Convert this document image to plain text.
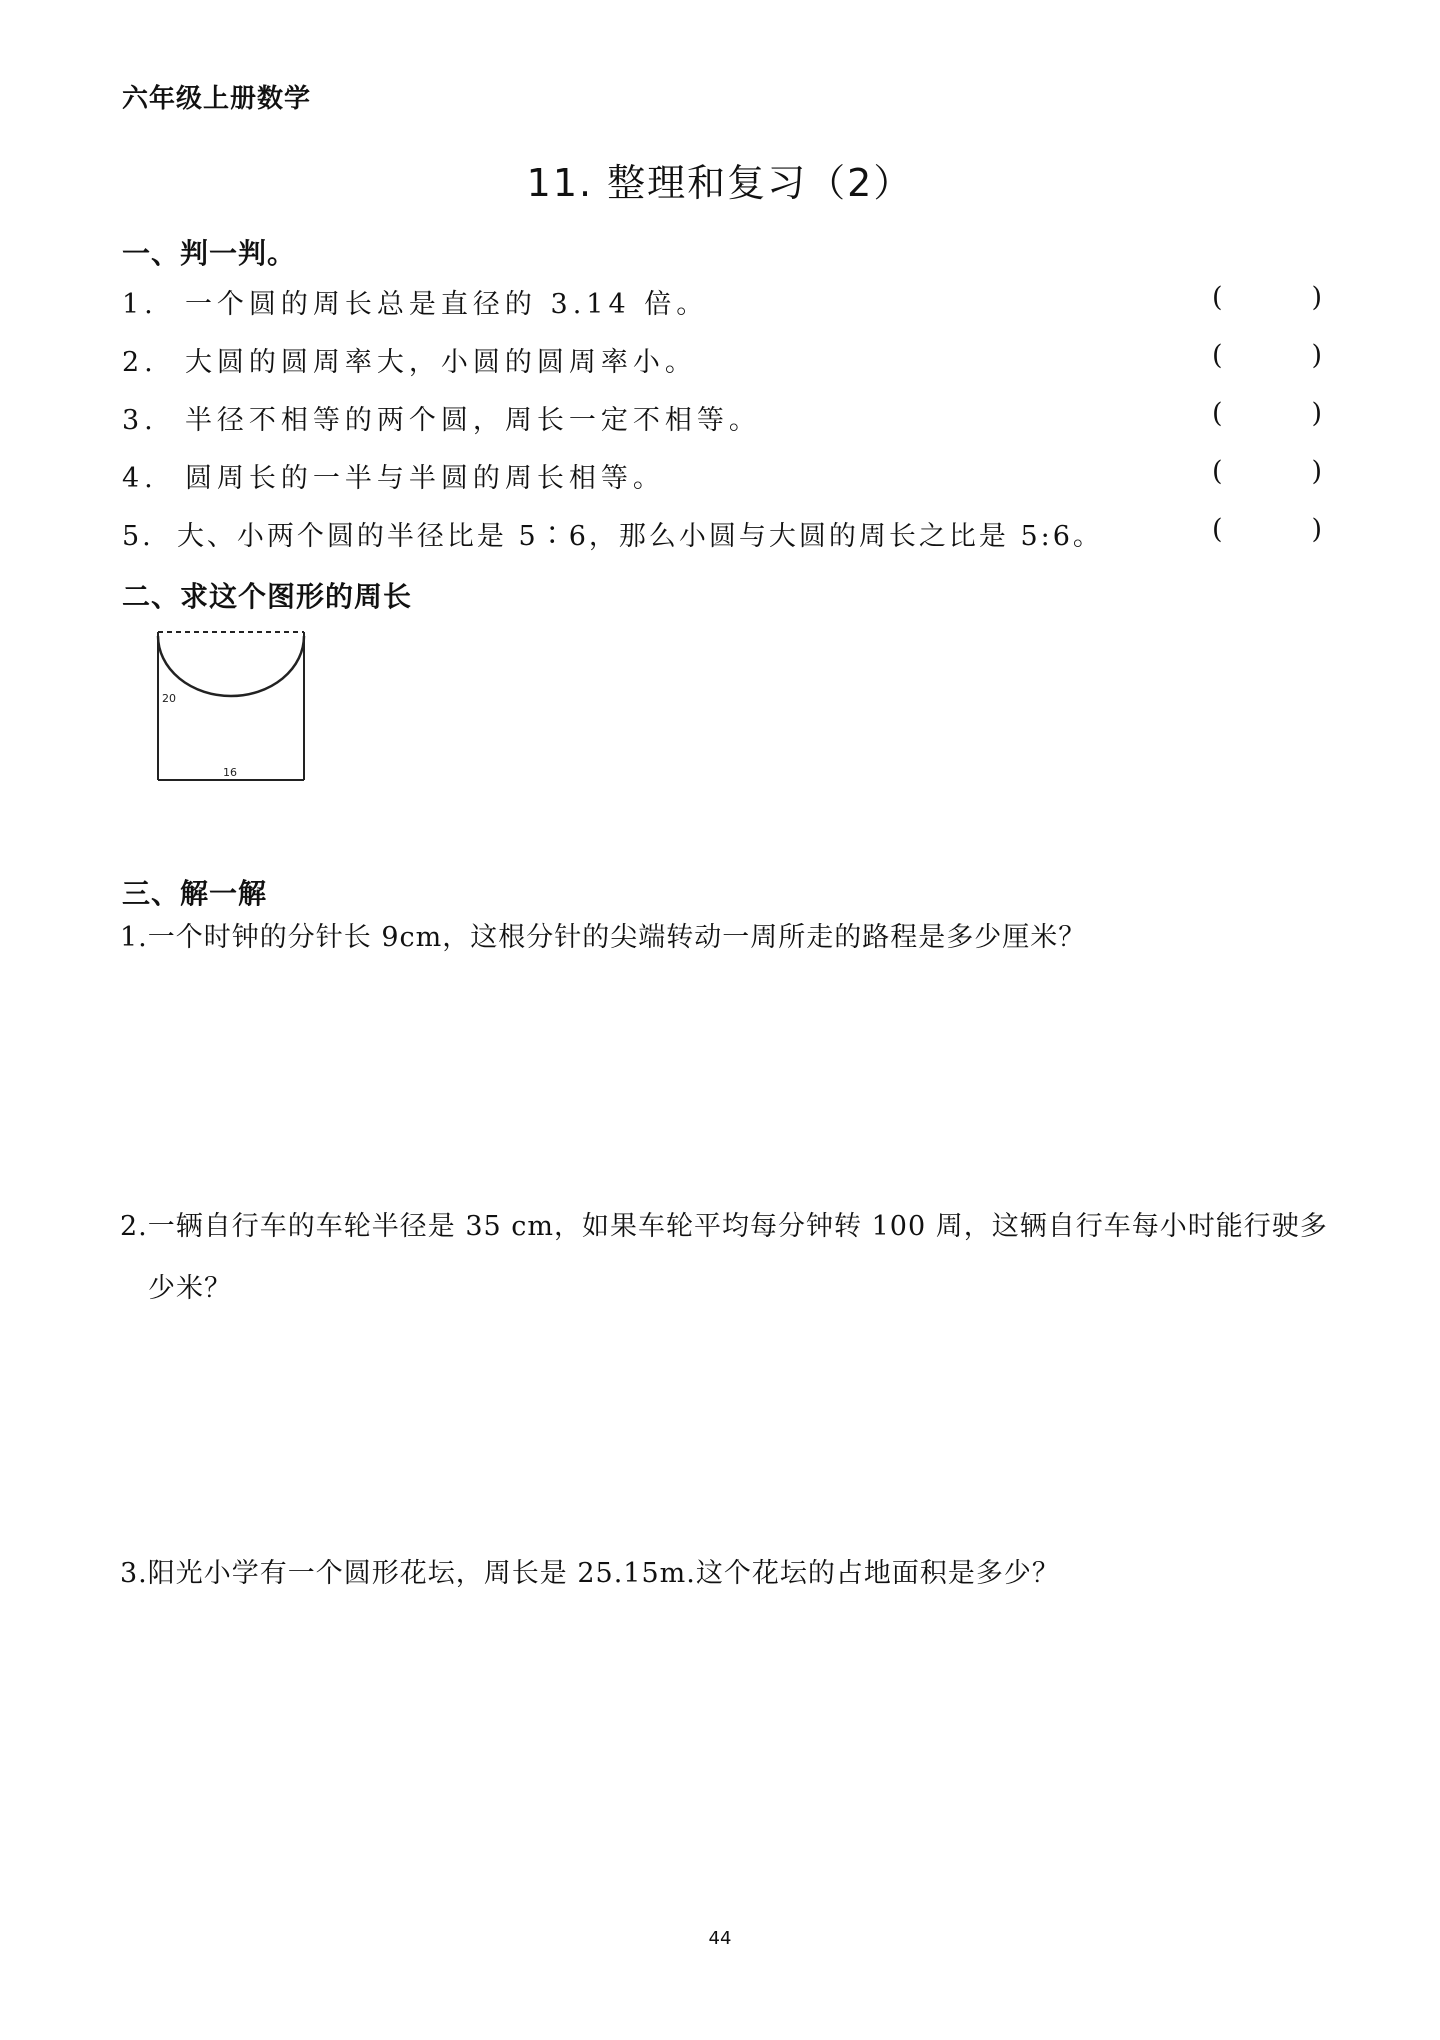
六年级上册数学
11. 整理和复习（2）
一、判一判。
1. 一个圆的周长总是直径的 3.14 倍。	(	)
2. 大圆的圆周率大，小圆的圆周率小。	(	)
3. 半径不相等的两个圆，周长一定不相等。	(	)
4. 圆周长的一半与半圆的周长相等。	(	)
5. 大、小两个圆的半径比是 5∶6，那么小圆与大圆的周长之比是 5:6。	(	)
二、求这个图形的周长
20
16
三、解一解
1.一个时钟的分针长 9cm，这根分针的尖端转动一周所走的路程是多少厘米？
2.一辆自行车的车轮半径是 35 cm，如果车轮平均每分钟转 100 周，这辆自行车每小时能行驶多
少米？
3.阳光小学有一个圆形花坛，周长是 25.15m.这个花坛的占地面积是多少？
44
